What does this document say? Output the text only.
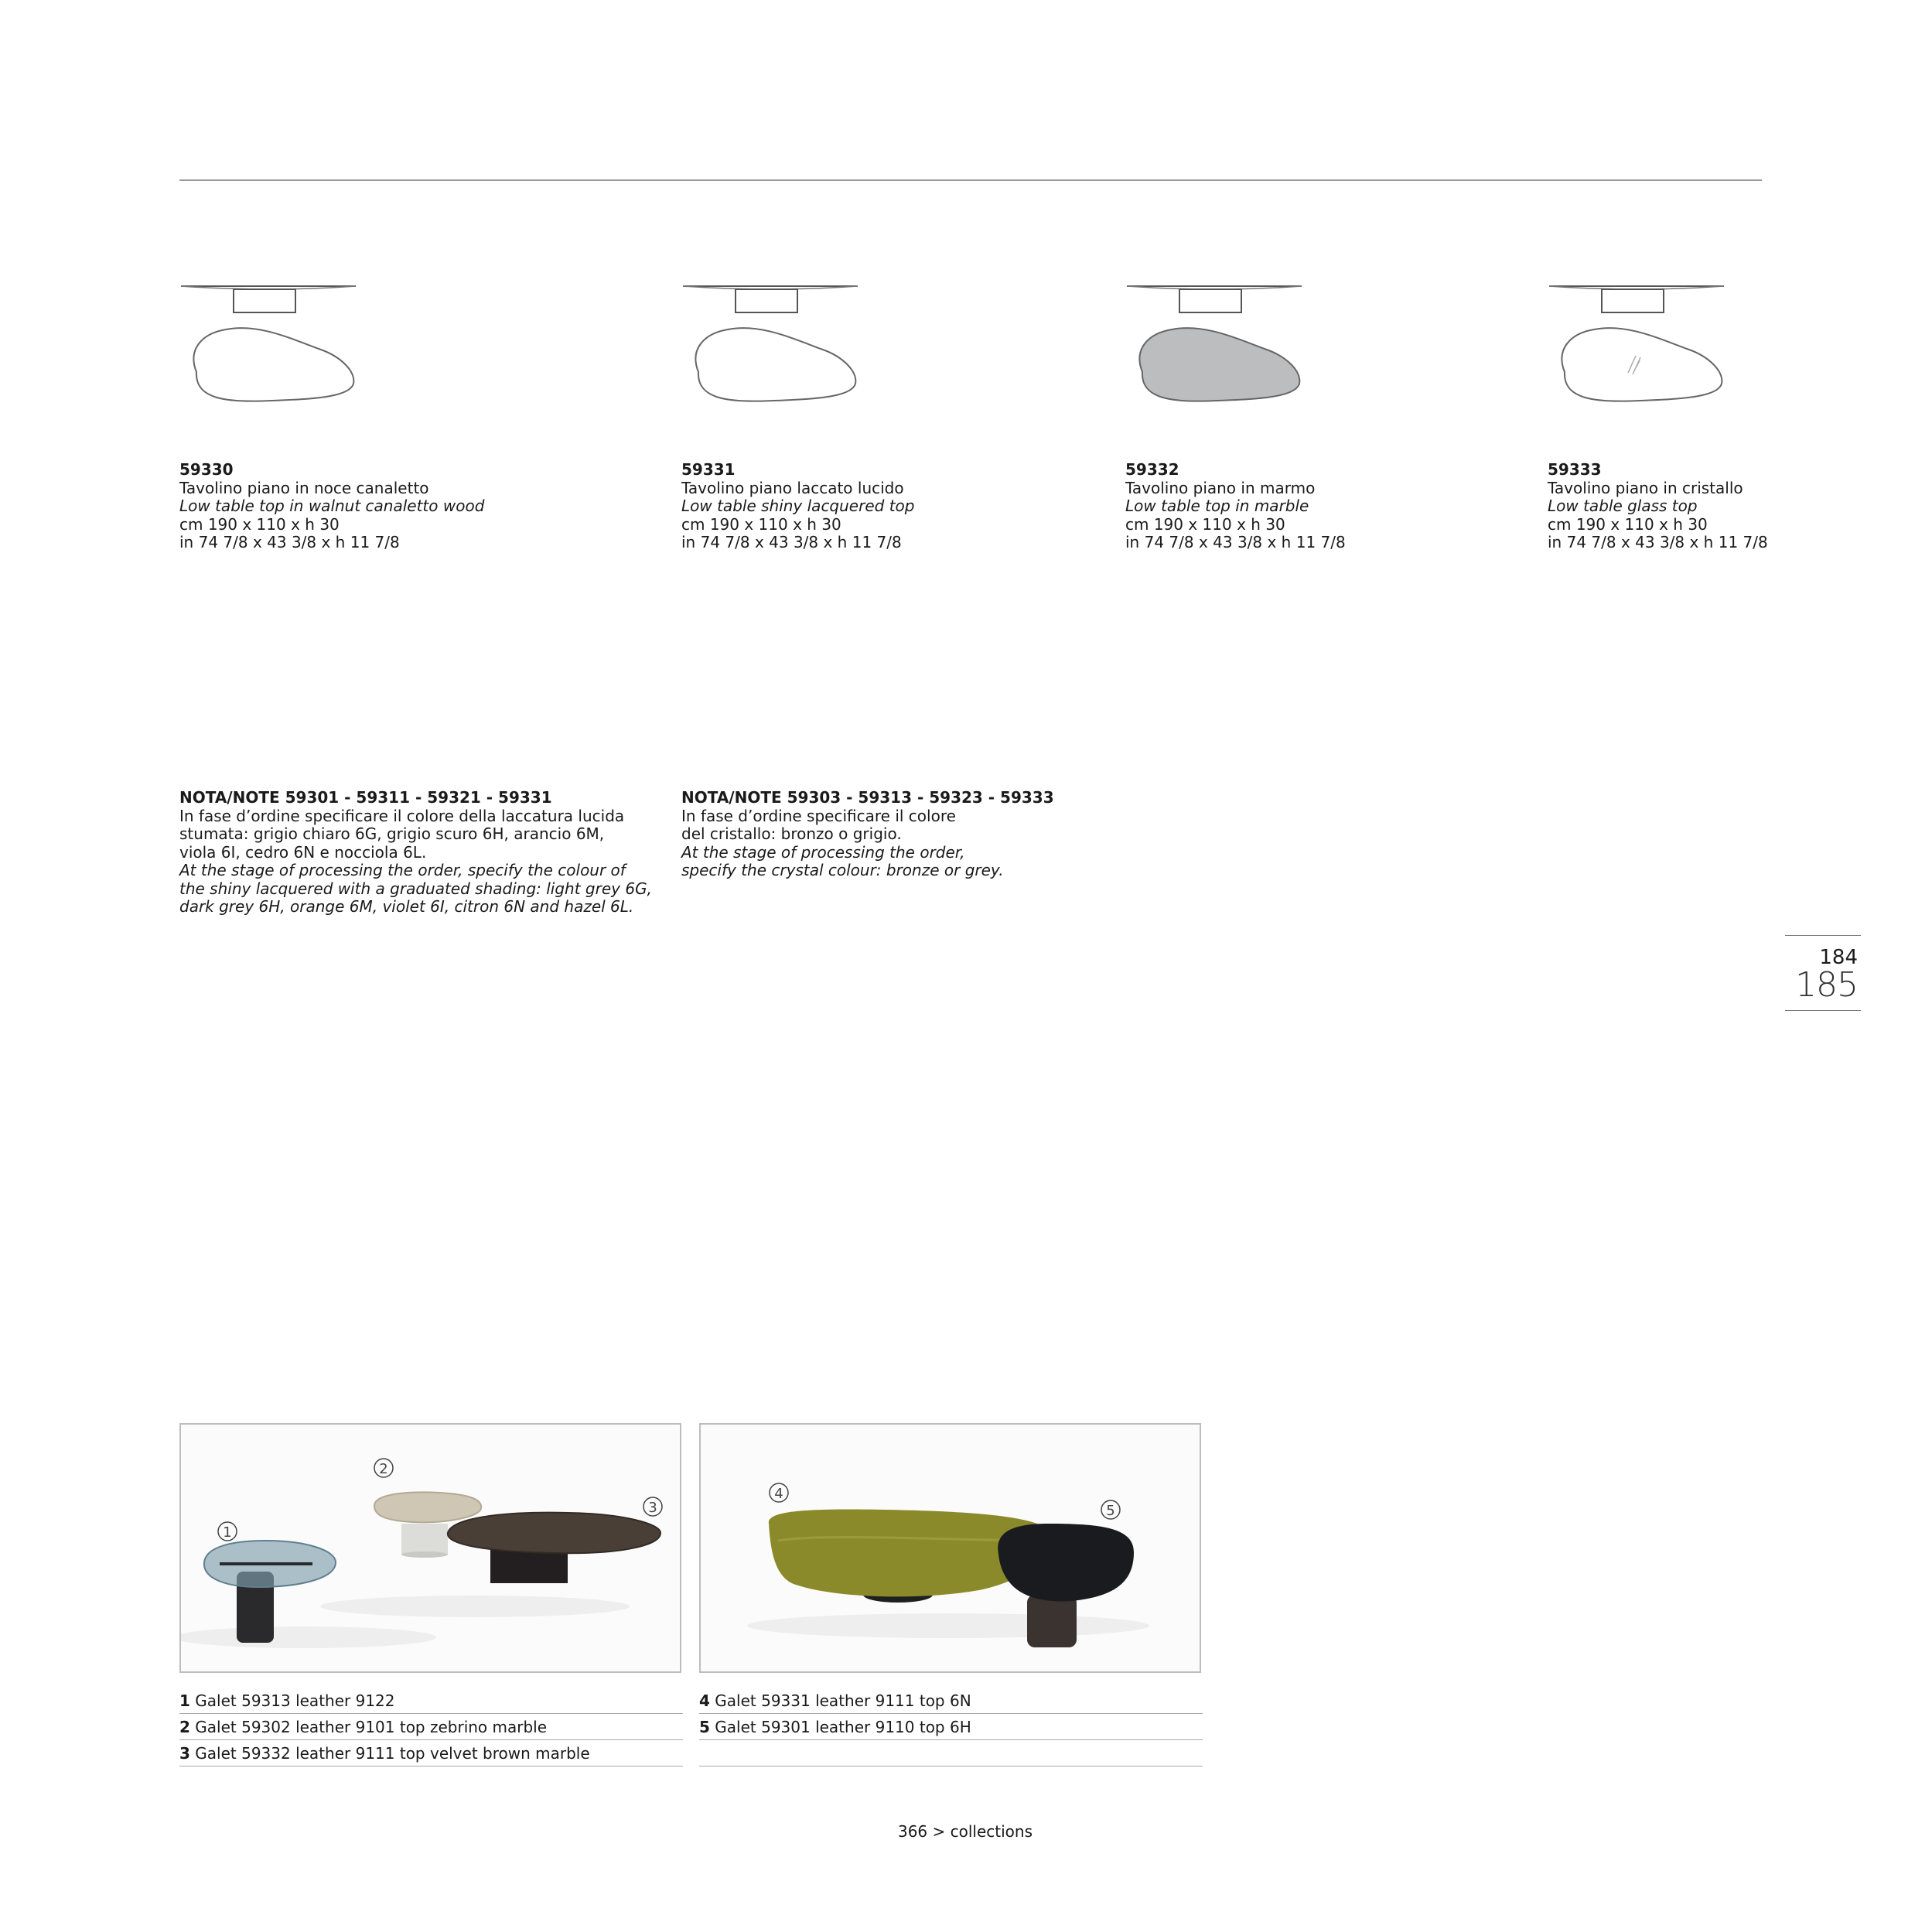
59330
Tavolino piano in noce canaletto
Low table top in walnut canaletto wood
cm 190 x 110 x h 30
in 74 7/8 x 43 3/8 x h 11 7/8
59331
Tavolino piano laccato lucido
Low table shiny lacquered top
cm 190 x 110 x h 30
in 74 7/8 x 43 3/8 x h 11 7/8
59332
Tavolino piano in marmo
Low table top in marble
cm 190 x 110 x h 30
in 74 7/8 x 43 3/8 x h 11 7/8
59333
Tavolino piano in cristallo
Low table glass top
cm 190 x 110 x h 30
in 74 7/8 x 43 3/8 x h 11 7/8
NOTA/NOTE 59301 - 59311 - 59321 - 59331
In fase d’ordine specificare il colore della laccatura lucida
stumata: grigio chiaro 6G, grigio scuro 6H, arancio 6M,
viola 6I, cedro 6N e nocciola 6L.
At the stage of processing the order, specify the colour of
the shiny lacquered with a graduated shading: light grey 6G,
dark grey 6H, orange 6M, violet 6I, citron 6N and hazel 6L.
NOTA/NOTE 59303 - 59313 - 59323 - 59333
In fase d’ordine specificare il colore
del cristallo: bronzo o grigio.
At the stage of processing the order,
specify the crystal colour: bronze or grey.
184
185
1
2
3
4
5
1 Galet 59313 leather 9122
2 Galet 59302 leather 9101 top zebrino marble
3 Galet 59332 leather 9111 top velvet brown marble
4 Galet 59331 leather 9111 top 6N
5 Galet 59301 leather 9110 top 6H
366 > collections
